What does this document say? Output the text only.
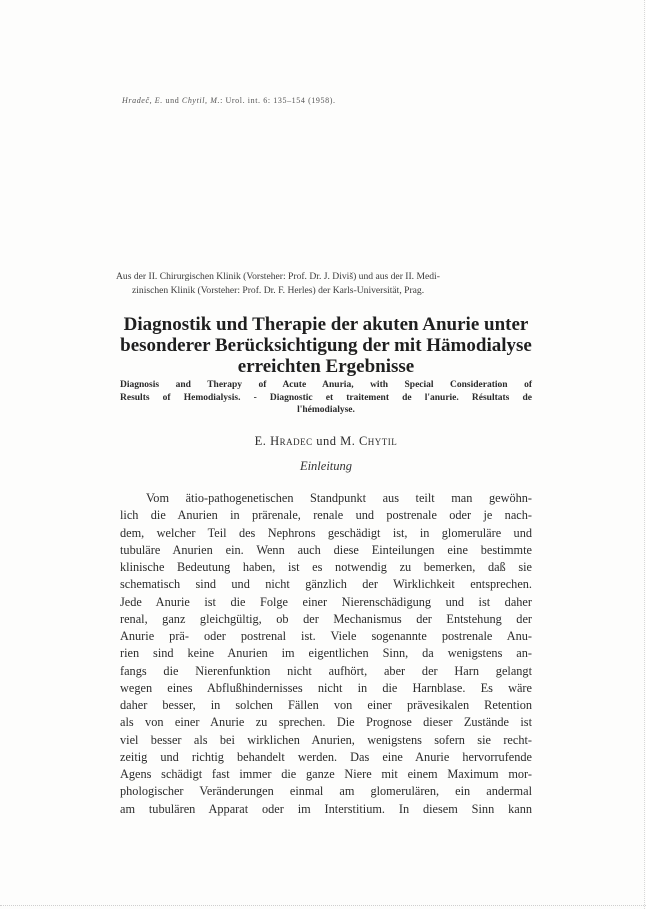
Hradeč, E. und Chytil, M.: Urol. int. 6: 135–154 (1958).
Aus der II. Chirurgischen Klinik (Vorsteher: Prof. Dr. J. Diviš) und aus der II. Medi-
zinischen Klinik (Vorsteher: Prof. Dr. F. Herles) der Karls-Universität, Prag.
Diagnostik und Therapie der akuten Anurie unter
besonderer Berücksichtigung der mit Hämodialyse
erreichten Ergebnisse
Diagnosis and Therapy of Acute Anuria, with Special Consideration of
Results of Hemodialysis. - Diagnostic et traitement de l'anurie. Résultats de
l'hémodialyse.
E. Hradec und M. Chytil
Einleitung
Vom ätio-pathogenetischen Standpunkt aus teilt man gewöhn-
lich die Anurien in prärenale, renale und postrenale oder je nach-
dem, welcher Teil des Nephrons geschädigt ist, in glomeruläre und
tubuläre Anurien ein. Wenn auch diese Einteilungen eine bestimmte
klinische Bedeutung haben, ist es notwendig zu bemerken, daß sie
schematisch sind und nicht gänzlich der Wirklichkeit entsprechen.
Jede Anurie ist die Folge einer Nierenschädigung und ist daher
renal, ganz gleichgültig, ob der Mechanismus der Entstehung der
Anurie prä- oder postrenal ist. Viele sogenannte postrenale Anu-
rien sind keine Anurien im eigentlichen Sinn, da wenigstens an-
fangs die Nierenfunktion nicht aufhört, aber der Harn gelangt
wegen eines Abflußhindernisses nicht in die Harnblase. Es wäre
daher besser, in solchen Fällen von einer prävesikalen Retention
als von einer Anurie zu sprechen. Die Prognose dieser Zustände ist
viel besser als bei wirklichen Anurien, wenigstens sofern sie recht-
zeitig und richtig behandelt werden. Das eine Anurie hervorrufende
Agens schädigt fast immer die ganze Niere mit einem Maximum mor-
phologischer Veränderungen einmal am glomerulären, ein andermal
am tubulären Apparat oder im Interstitium. In diesem Sinn kann
